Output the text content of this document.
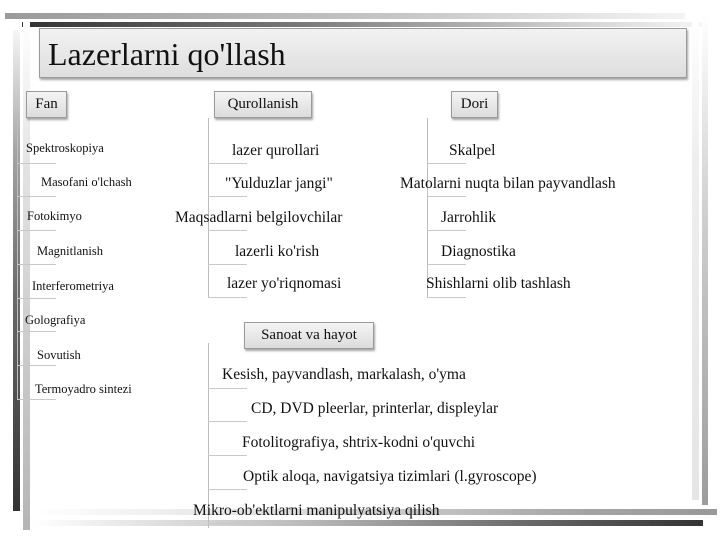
Lazerlarni qo'llash
Fan
Spektroskopiya
Masofani o'lchash
Fotokimyo
Magnitlanish
Interferometriya
Golografiya
Sovutish
Termoyadro sintezi
Qurollanish
lazer qurollari
"Yulduzlar jangi"
Maqsadlarni belgilovchilar
lazerli ko'rish
lazer yo'riqnomasi
Dori
Skalpel
Matolarni nuqta bilan payvandlash
Jarrohlik
Diagnostika
Shishlarni olib tashlash
Sanoat va hayot
Kesish, payvandlash, markalash, o'yma
CD, DVD pleerlar, printerlar, displeylar
Fotolitografiya, shtrix-kodni o'quvchi
Optik aloqa, navigatsiya tizimlari (l.gyroscope)
Mikro-ob'ektlarni manipulyatsiya qilish
